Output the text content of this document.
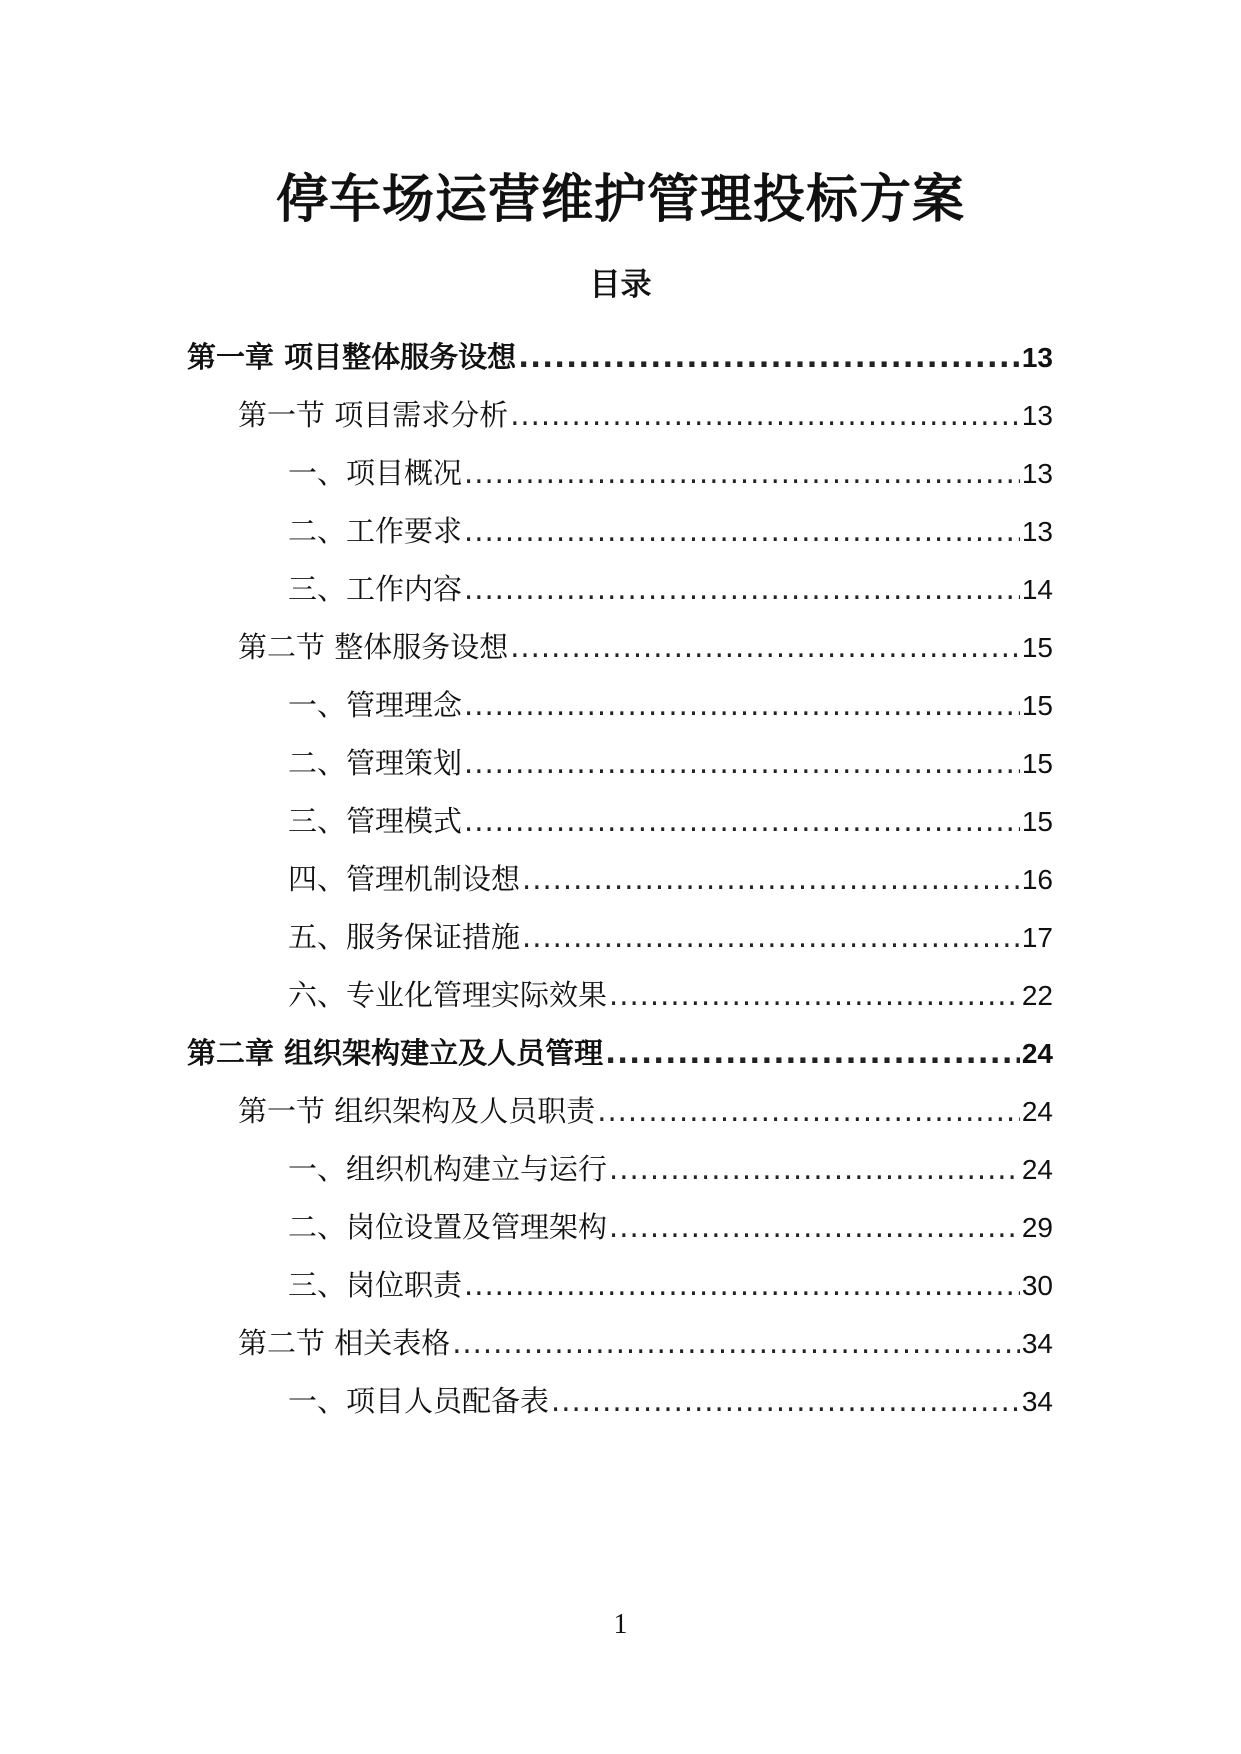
停车场运营维护管理投标方案
目录
第一章 项目整体服务设想 .....	13
第一节 项目需求分析 .....	13
一、项目概况 .....	13
二、工作要求 .....	13
三、工作内容 .....	14
第二节 整体服务设想 .....	15
一、管理理念 .....	15
二、管理策划 .....	15
三、管理模式 .....	15
四、管理机制设想 .....	16
五、服务保证措施 .....	17
六、专业化管理实际效果 .....	22
第二章 组织架构建立及人员管理 .....	24
第一节 组织架构及人员职责 .....	24
一、组织机构建立与运行 .....	24
二、岗位设置及管理架构 .....	29
三、岗位职责 .....	30
第二节 相关表格 .....	34
一、项目人员配备表 .....	34
1
